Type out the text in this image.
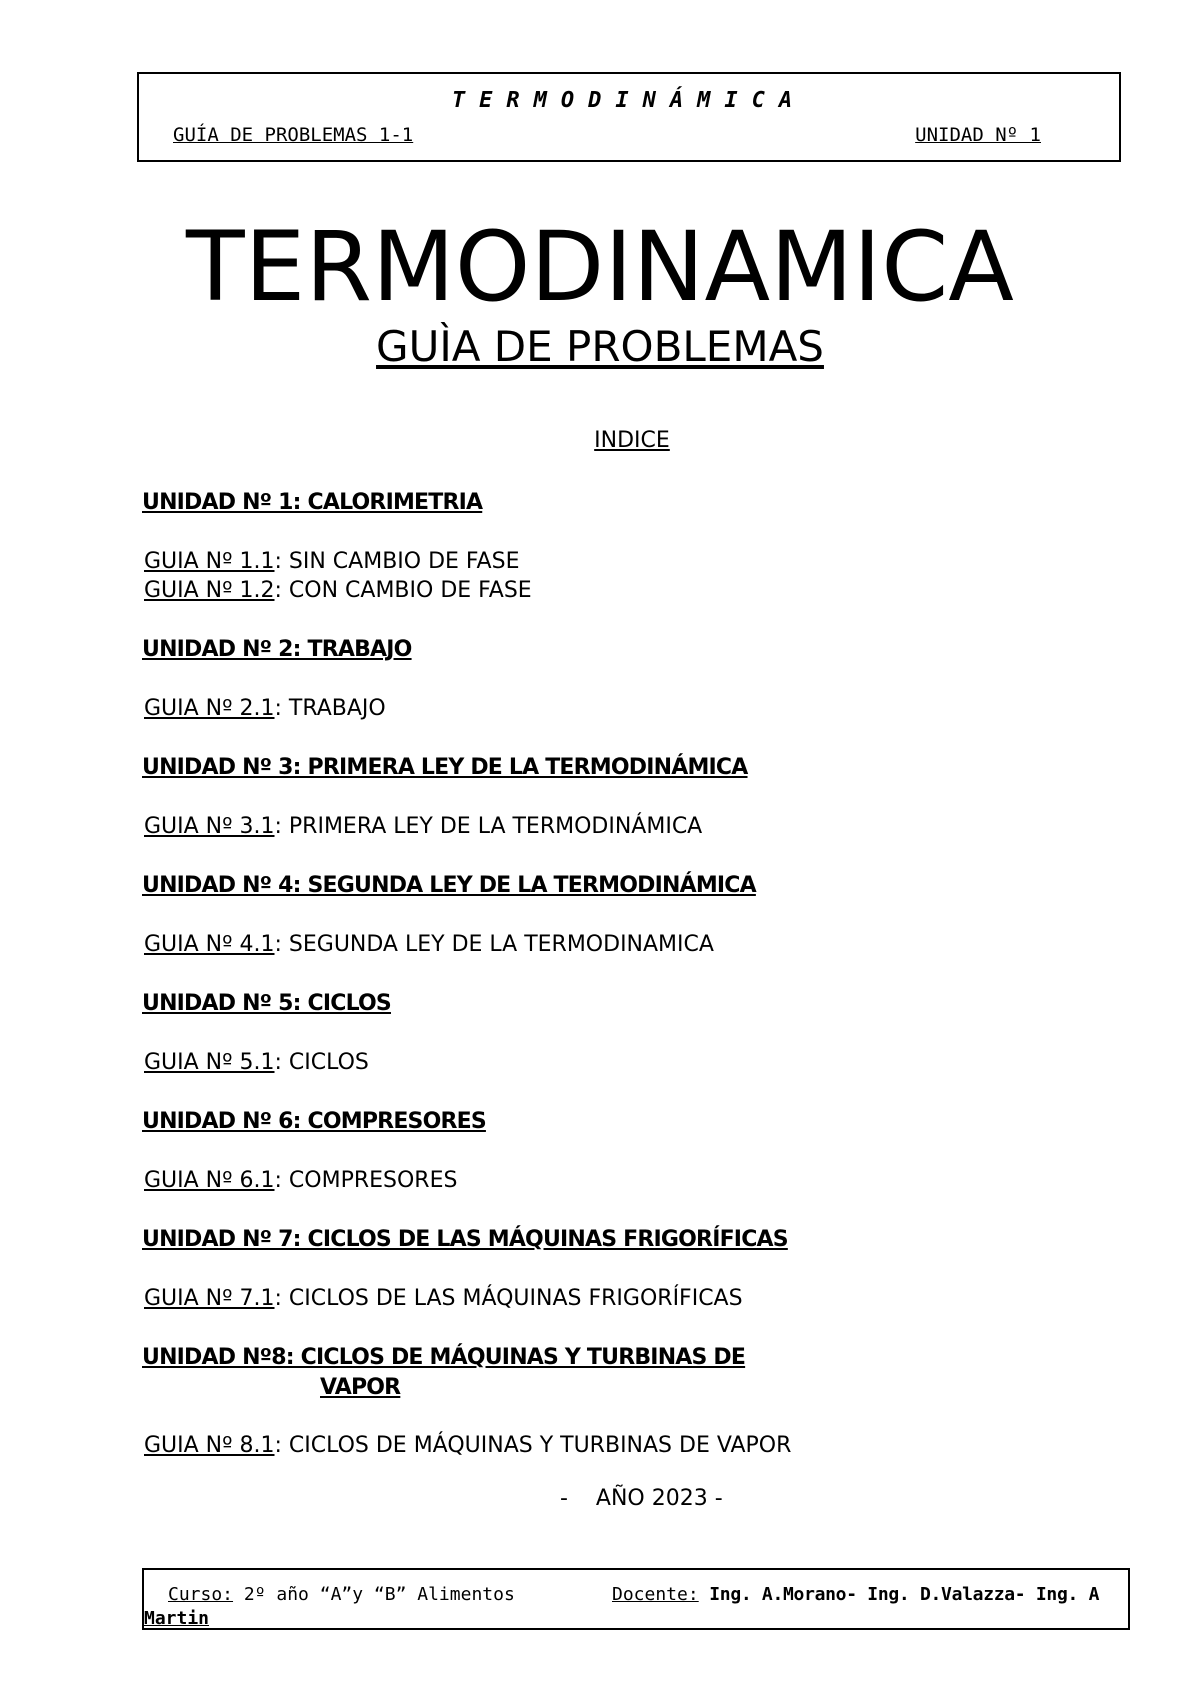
TERMODINÁMICA
GUÍA DE PROBLEMAS 1-1	UNIDAD Nº 1
TERMODINAMICA
GUÌA DE PROBLEMAS
INDICE
UNIDAD Nº 1: CALORIMETRIA
GUIA Nº 1.1: SIN CAMBIO DE FASE
GUIA Nº 1.2: CON CAMBIO DE FASE
UNIDAD Nº 2: TRABAJO
GUIA Nº 2.1: TRABAJO
UNIDAD Nº 3: PRIMERA LEY DE LA TERMODINÁMICA
GUIA Nº 3.1: PRIMERA LEY DE LA TERMODINÁMICA
UNIDAD Nº 4: SEGUNDA LEY DE LA TERMODINÁMICA
GUIA Nº 4.1: SEGUNDA LEY DE LA TERMODINAMICA
UNIDAD Nº 5: CICLOS
GUIA Nº 5.1: CICLOS
UNIDAD Nº 6: COMPRESORES
GUIA Nº 6.1: COMPRESORES
UNIDAD Nº 7: CICLOS DE LAS MÁQUINAS FRIGORÍFICAS
GUIA Nº 7.1: CICLOS DE LAS MÁQUINAS FRIGORÍFICAS
UNIDAD Nº8: CICLOS DE MÁQUINAS Y TURBINAS DE
VAPOR
GUIA Nº 8.1: CICLOS DE MÁQUINAS Y TURBINAS DE VAPOR
-    AÑO 2023 -
Curso: 2º año “A”y “B” Alimentos	Docente: Ing. A.Morano- Ing. D.Valazza- Ing. A
Martin
